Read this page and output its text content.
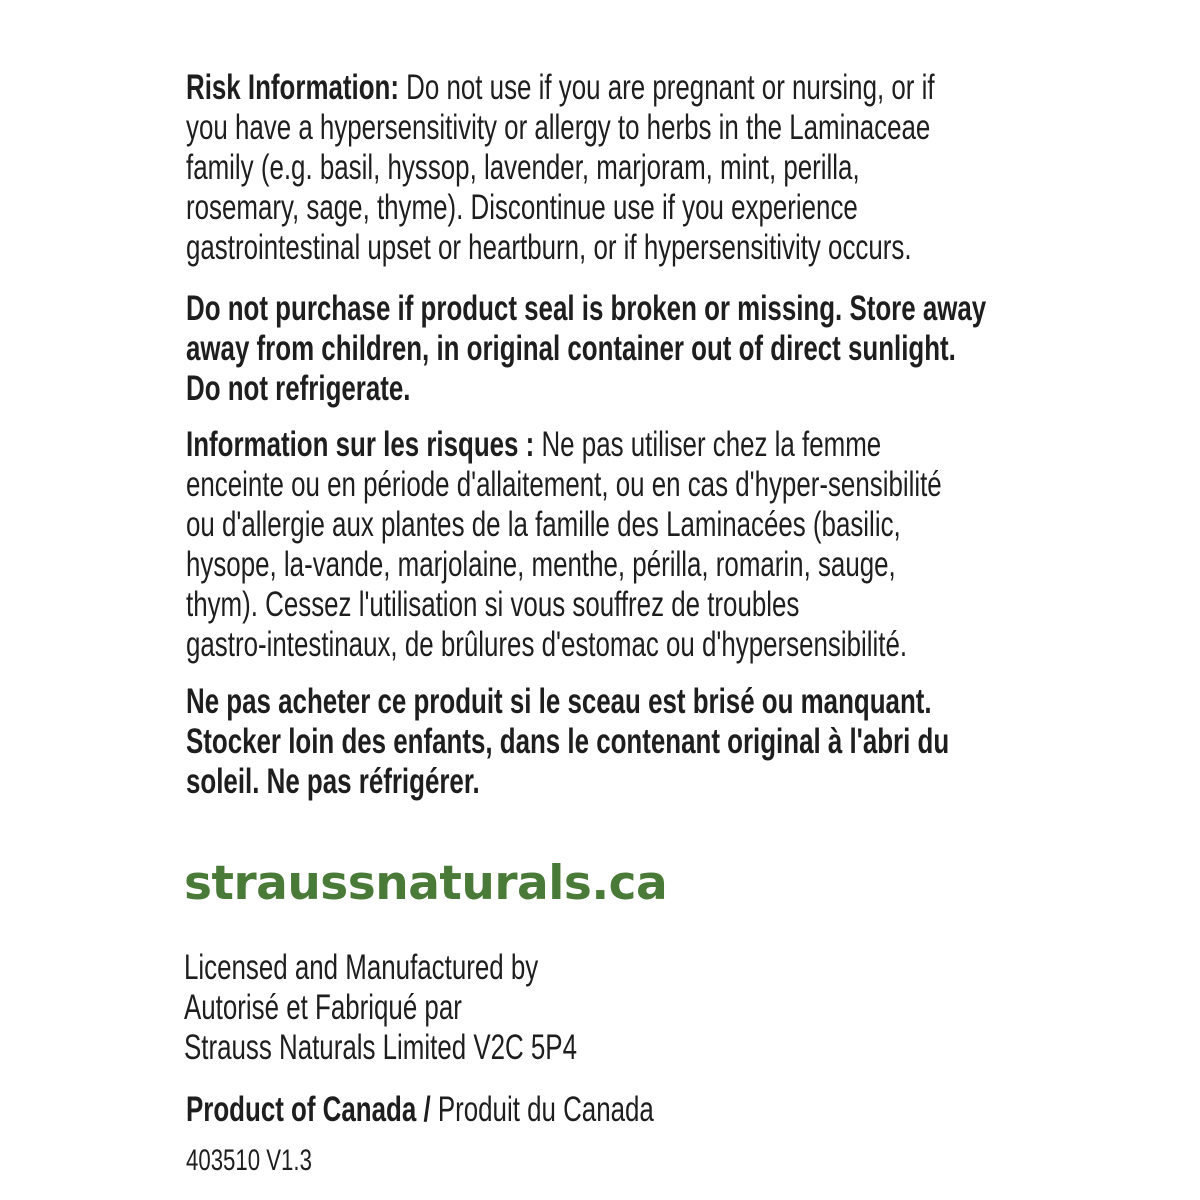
Risk Information: Do not use if you are pregnant or nursing, or if
you have a hypersensitivity or allergy to herbs in the Laminaceae
family (e.g. basil, hyssop, lavender, marjoram, mint, perilla,
rosemary, sage, thyme). Discontinue use if you experience
gastrointestinal upset or heartburn, or if hypersensitivity occurs.
Do not purchase if product seal is broken or missing. Store away
away from children, in original container out of direct sunlight.
Do not refrigerate.
Information sur les risques : Ne pas utiliser chez la femme
enceinte ou en période d'allaitement, ou en cas d'hyper-sensibilité
ou d'allergie aux plantes de la famille des Laminacées (basilic,
hysope, la-vande, marjolaine, menthe, périlla, romarin, sauge,
thym). Cessez l'utilisation si vous souffrez de troubles
gastro-intestinaux, de brûlures d'estomac ou d'hypersensibilité.
Ne pas acheter ce produit si le sceau est brisé ou manquant.
Stocker loin des enfants, dans le contenant original à l'abri du
soleil. Ne pas réfrigérer.
straussnaturals.ca
Licensed and Manufactured by
Autorisé et Fabriqué par
Strauss Naturals Limited V2C 5P4
Product of Canada / Produit du Canada
403510 V1.3
